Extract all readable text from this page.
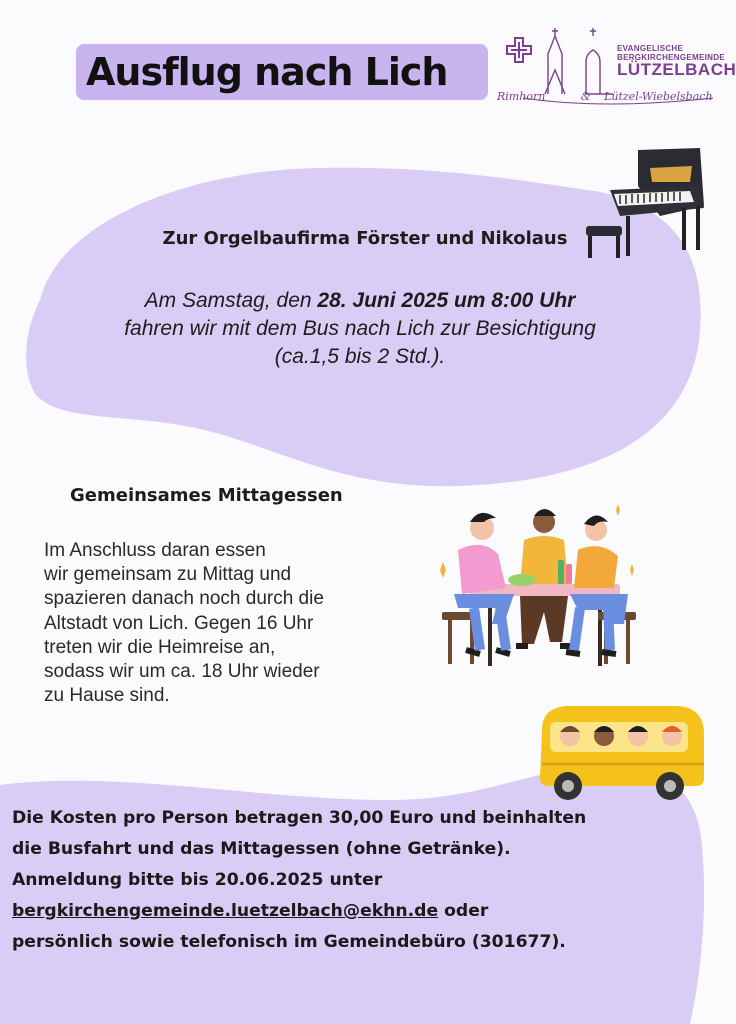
Ausflug nach Lich
EVANGELISCHE
BERGKIRCHENGEMEINDE
LÜTZELBACH
Rimhorn	& Lützel-Wiebelsbach
Zur Orgelbaufirma Förster und Nikolaus

Am Samstag, den 28. Juni 2025 um 8:00 Uhr
fahren wir mit dem Bus nach Lich zur Besichtigung
(ca.1,5 bis 2 Std.).

Gemeinsames Mittagessen

Im Anschluss daran essen
wir gemeinsam zu Mittag und
spazieren danach noch durch die
Altstadt von Lich. Gegen 16 Uhr
treten wir die Heimreise an,
sodass wir um ca. 18 Uhr wieder
zu Hause sind.

Die Kosten pro Person betragen 30,00 Euro und beinhalten
die Busfahrt und das Mittagessen (ohne Getränke).
Anmeldung bitte bis 20.06.2025 unter
bergkirchengemeinde.luetzelbach@ekhn.de oder
persönlich sowie telefonisch im Gemeindebüro (301677).
